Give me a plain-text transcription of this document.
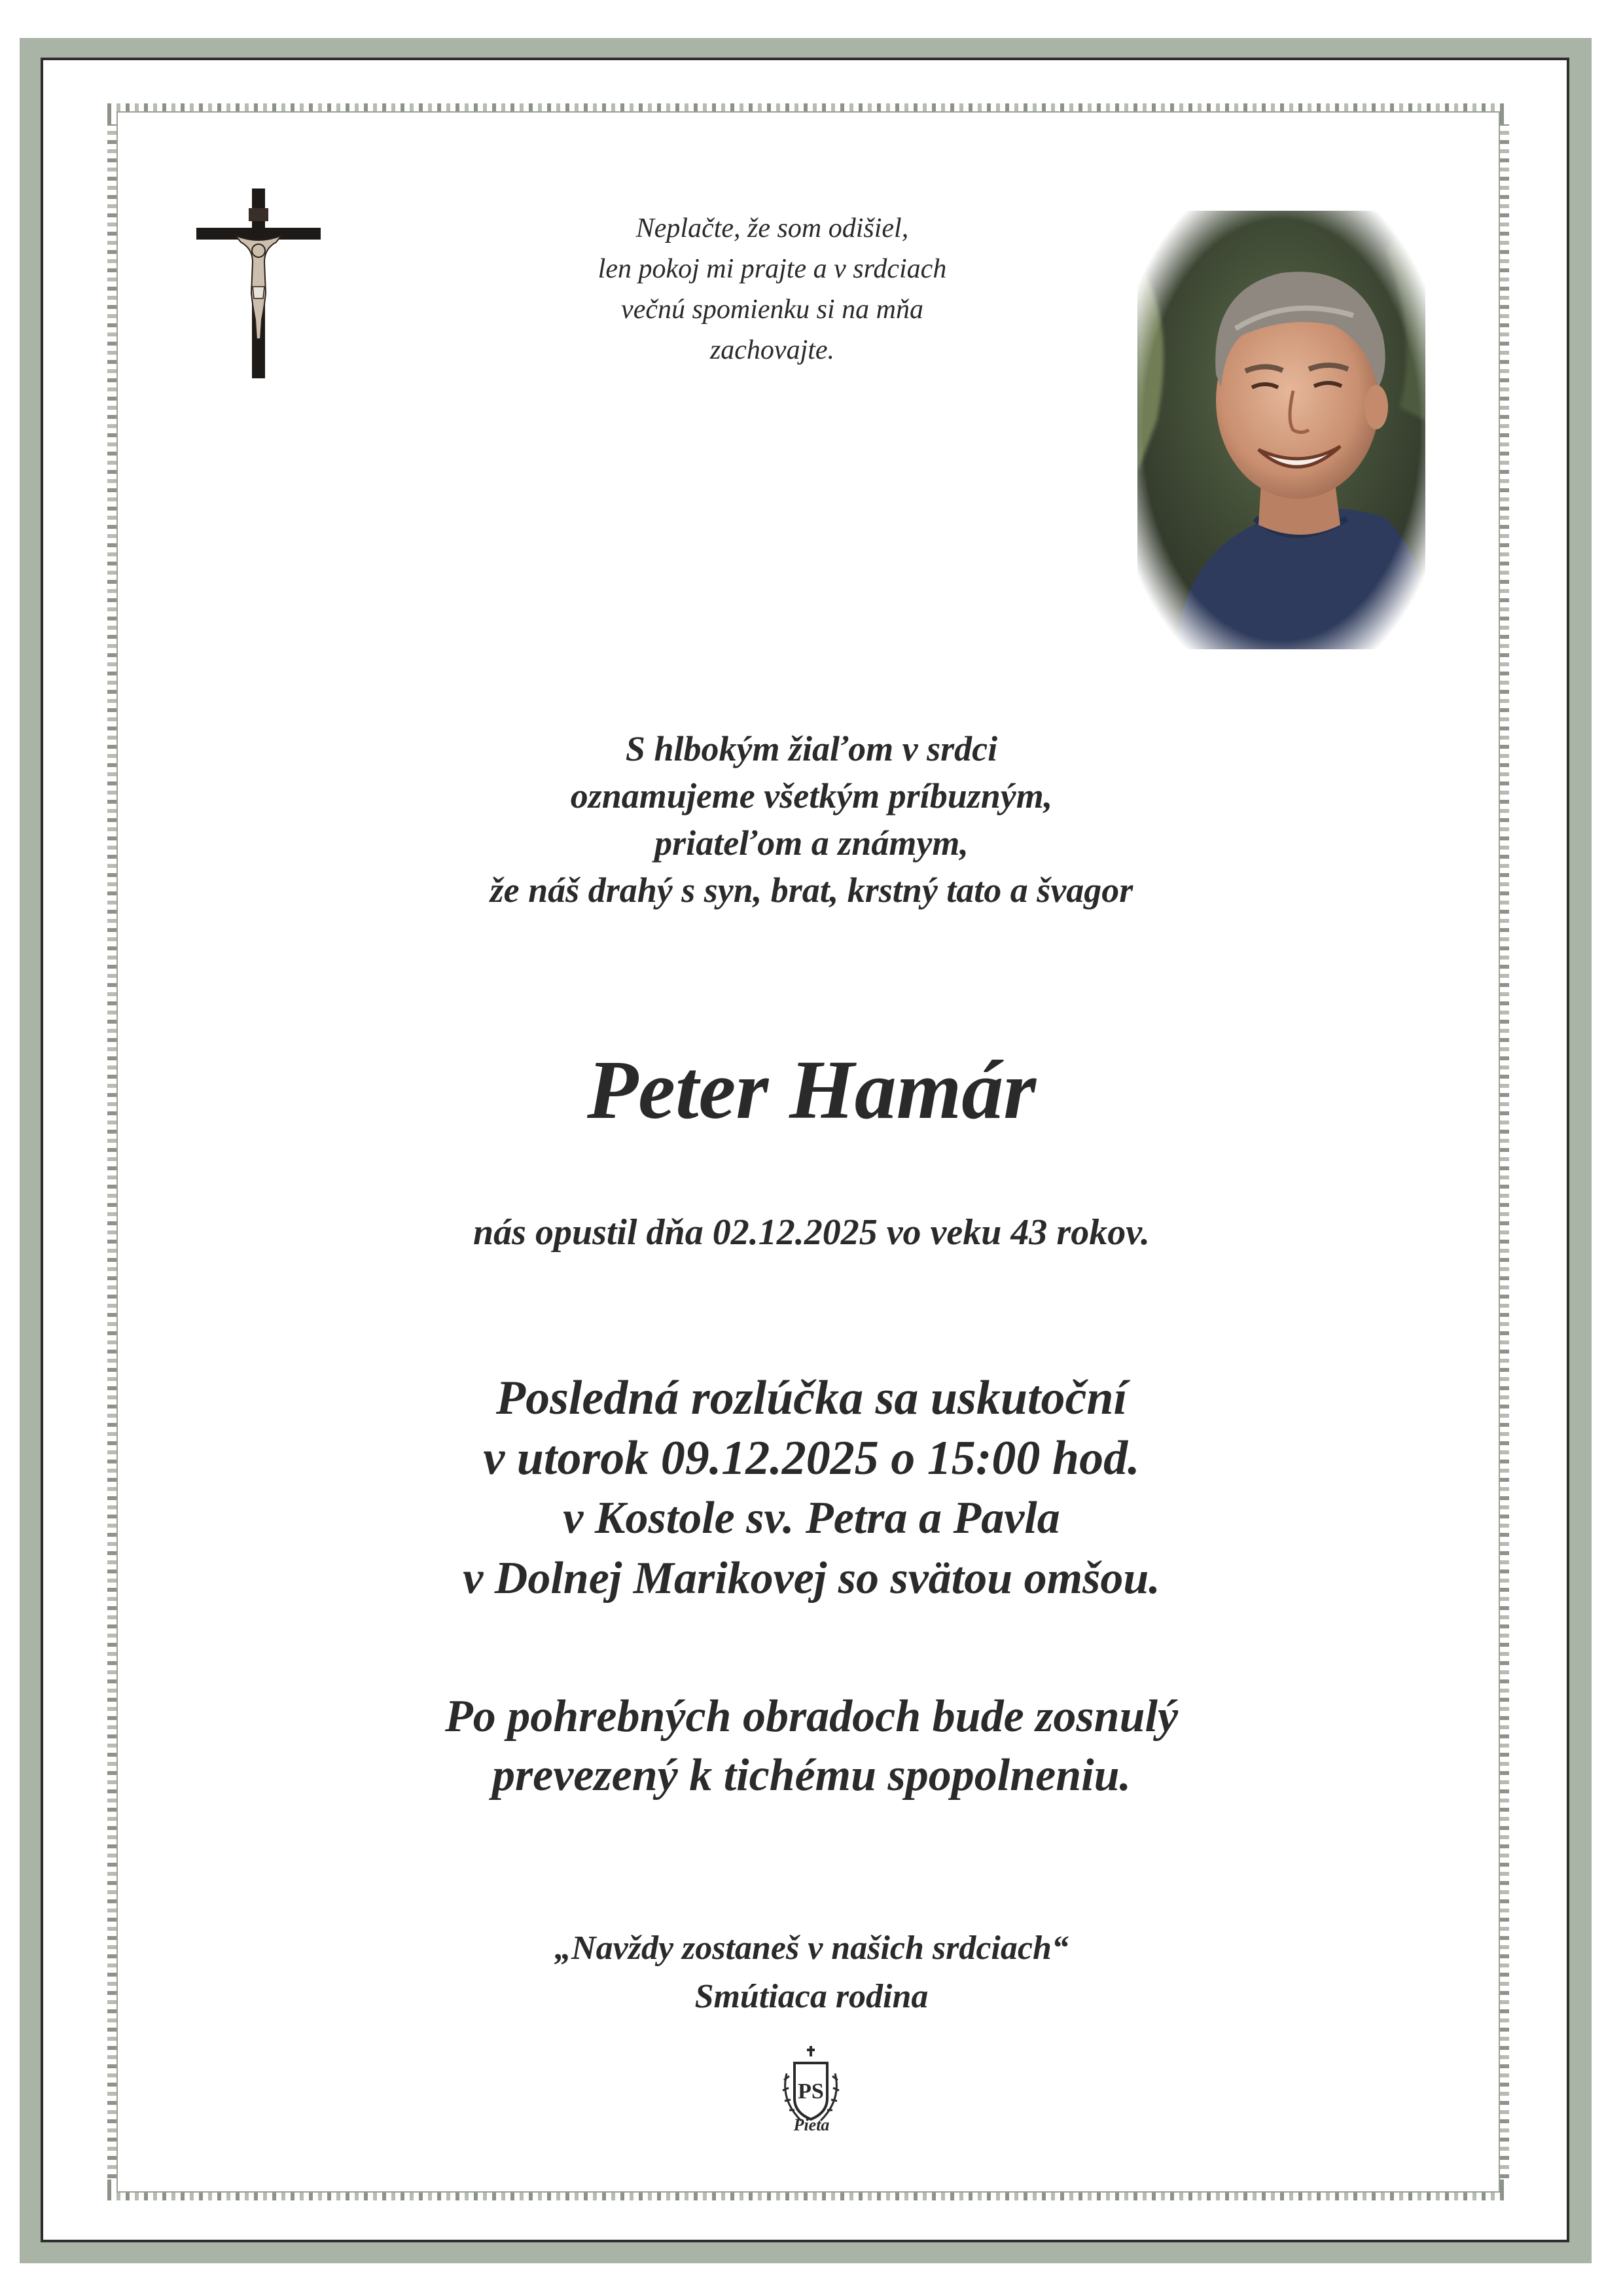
Neplačte, že som odišiel,
len pokoj mi prajte a v srdciach
večnú spomienku si na mňa
zachovajte.
S hlbokým žiaľom v srdci
oznamujeme všetkým príbuzným,
priateľom a známym,
že náš drahý s syn, brat, krstný tato a švagor
Peter Hamár
nás opustil dňa 02.12.2025 vo veku 43 rokov.
Posledná rozlúčka sa uskutoční
v utorok 09.12.2025 o 15:00 hod.
v Kostole sv. Petra a Pavla
v Dolnej Marikovej so svätou omšou.
Po pohrebných obradoch bude zosnulý
prevezený k tichému spopolneniu.
„Navždy zostaneš v našich srdciach“
Smútiaca rodina
PS
Pieta
